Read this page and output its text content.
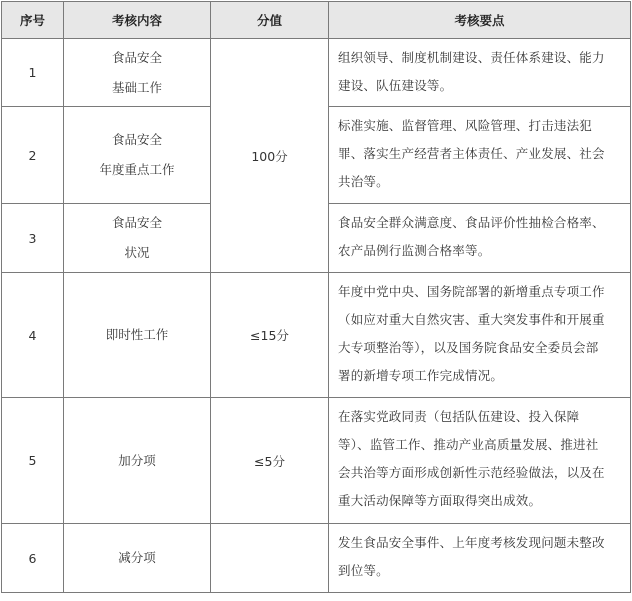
序号	考核内容	分值	考核要点
1	食品安全
基础工作	100分	组织领导、制度机制建设、责任体系建设、能力
建设、队伍建设等。

2	食品安全
年度重点工作		标准实施、监督管理、风险管理、打击违法犯
罪、落实生产经营者主体责任、产业发展、社会
共治等。

3	食品安全
状况		食品安全群众满意度、食品评价性抽检合格率、
农产品例行监测合格率等。

4	即时性工作	≤15分	年度中党中央、国务院部署的新增重点专项工作
（如应对重大自然灾害、重大突发事件和开展重
大专项整治等），以及国务院食品安全委员会部
署的新增专项工作完成情况。

5	加分项	≤5分	在落实党政同责（包括队伍建设、投入保障
等）、监管工作、推动产业高质量发展、推进社
会共治等方面形成创新性示范经验做法，以及在
重大活动保障等方面取得突出成效。

6	减分项		发生食品安全事件、上年度考核发现问题未整改
到位等。
